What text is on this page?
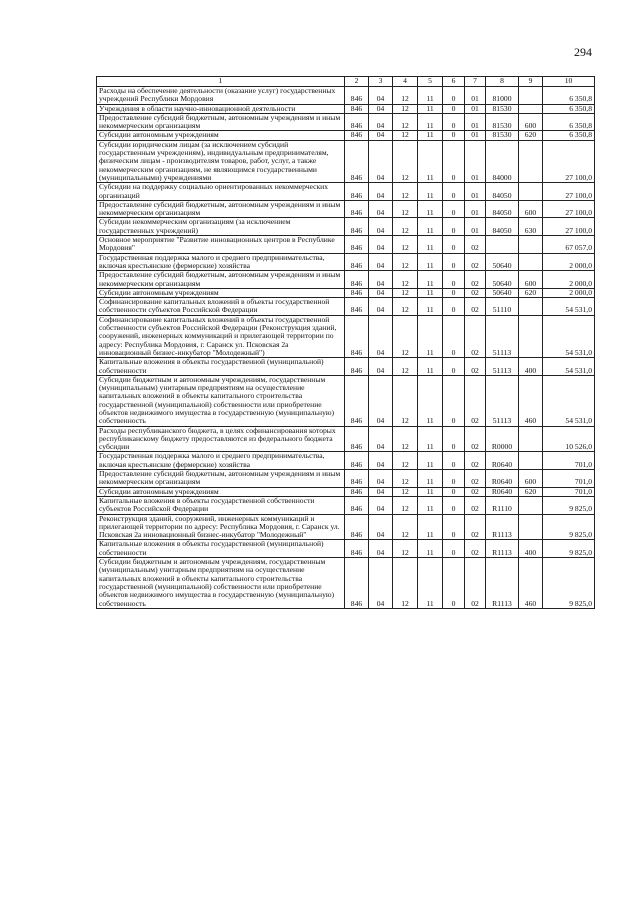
294
1	2	3	4	5	6	7	8	9	10
Расходы на обеспечение деятельности (оказание услуг) государственных учреждений Республики Мордовия	846	04	12	11	0	01	81000		6 350,8
Учреждения в области научно-инновационной деятельности	846	04	12	11	0	01	81530		6 350,8
Предоставление субсидий бюджетным, автономным учреждениям и иным некоммерческим организациям	846	04	12	11	0	01	81530	600	6 350,8
Субсидии автономным учреждениям	846	04	12	11	0	01	81530	620	6 350,8
Субсидии юридическим лицам (за исключением субсидий государственным учреждениям), индивидуальным предпринимателям, физическим лицам - производителям товаров, работ, услуг, а также некоммерческим организациям, не являющимся государственными (муниципальными) учреждениями	846	04	12	11	0	01	84000		27 100,0
Субсидии на поддержку социально ориентированных некоммерческих организаций	846	04	12	11	0	01	84050		27 100,0
Предоставление субсидий бюджетным, автономным учреждениям и иным некоммерческим организациям	846	04	12	11	0	01	84050	600	27 100,0
Субсидии некоммерческим организациям (за исключением государственных учреждений)	846	04	12	11	0	01	84050	630	27 100,0
Основное мероприятие "Развитие инновационных центров в Республике Мордовия"	846	04	12	11	0	02			67 057,0
Государственная поддержка малого и среднего предпринимательства, включая крестьянские (фермерские) хозяйства	846	04	12	11	0	02	50640		2 000,0
Предоставление субсидий бюджетным, автономным учреждениям и иным некоммерческим организациям	846	04	12	11	0	02	50640	600	2 000,0
Субсидии автономным учреждениям	846	04	12	11	0	02	50640	620	2 000,0
Софинансирование капитальных вложений в объекты государственной собственности субъектов Российской Федерации	846	04	12	11	0	02	51110		54 531,0
Софинансирование капитальных вложений в объекты государственной собственности субъектов Российской Федерации (Реконструкция зданий, сооружений, инженерных коммуникаций и прилегающей территории по адресу: Республика Мордовия, г. Саранск ул. Псковская 2а инновационный бизнес-инкубатор "Молодежный")	846	04	12	11	0	02	51113		54 531,0
Капитальные вложения в объекты государственной (муниципальной) собственности	846	04	12	11	0	02	51113	400	54 531,0
Субсидии бюджетным и автономным учреждениям, государственным (муниципальным) унитарным предприятиям на осуществление капитальных вложений в объекты капитального строительства государственной (муниципальной) собственности или приобретение объектов недвижимого имущества в государственную (муниципальную) собственность	846	04	12	11	0	02	51113	460	54 531,0
Расходы республиканского бюджета, в целях софинансирования которых республиканскому бюджету предоставляются из федерального бюджета субсидии	846	04	12	11	0	02	R0000		10 526,0
Государственная поддержка малого и среднего предпринимательства, включая крестьянские (фермерские) хозяйства	846	04	12	11	0	02	R0640		701,0
Предоставление субсидий бюджетным, автономным учреждениям и иным некоммерческим организациям	846	04	12	11	0	02	R0640	600	701,0
Субсидии автономным учреждениям	846	04	12	11	0	02	R0640	620	701,0
Капитальные вложения в объекты государственной собственности субъектов Российской Федерации	846	04	12	11	0	02	R1110		9 825,0
Реконструкция зданий, сооружений, инженерных коммуникаций и прилегающей территории по адресу: Республика Мордовия, г. Саранск ул. Псковская 2а инновационный бизнес-инкубатор "Молодежный"	846	04	12	11	0	02	R1113		9 825,0
Капитальные вложения в объекты государственной (муниципальной) собственности	846	04	12	11	0	02	R1113	400	9 825,0
Субсидии бюджетным и автономным учреждениям, государственным (муниципальным) унитарным предприятиям на осуществление капитальных вложений в объекты капитального строительства государственной (муниципальной) собственности или приобретение объектов недвижимого имущества в государственную (муниципальную) собственность	846	04	12	11	0	02	R1113	460	9 825,0
